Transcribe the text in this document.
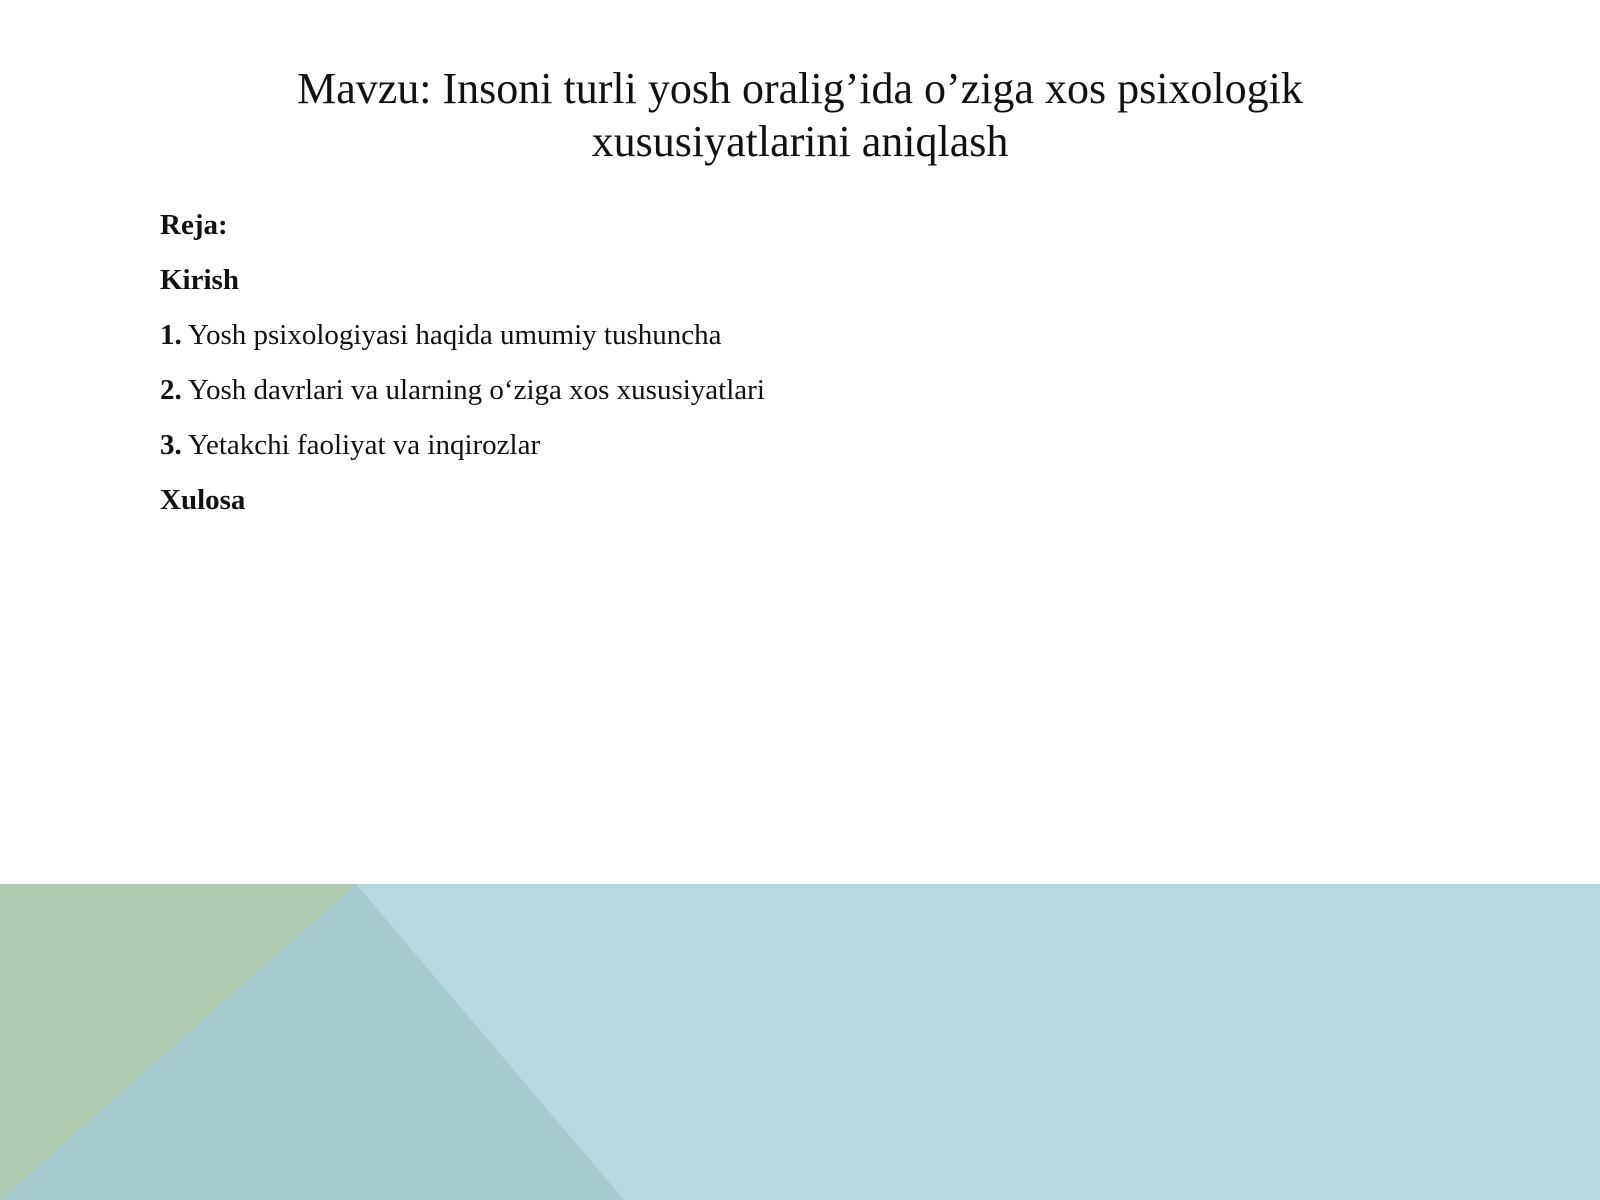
Mavzu: Insoni turli yosh oralig’ida o’ziga xos psixologik
xususiyatlarini aniqlash
Reja:
Kirish
1. Yosh psixologiyasi haqida umumiy tushuncha
2. Yosh davrlari va ularning o‘ziga xos xususiyatlari
3. Yetakchi faoliyat va inqirozlar
Xulosa
